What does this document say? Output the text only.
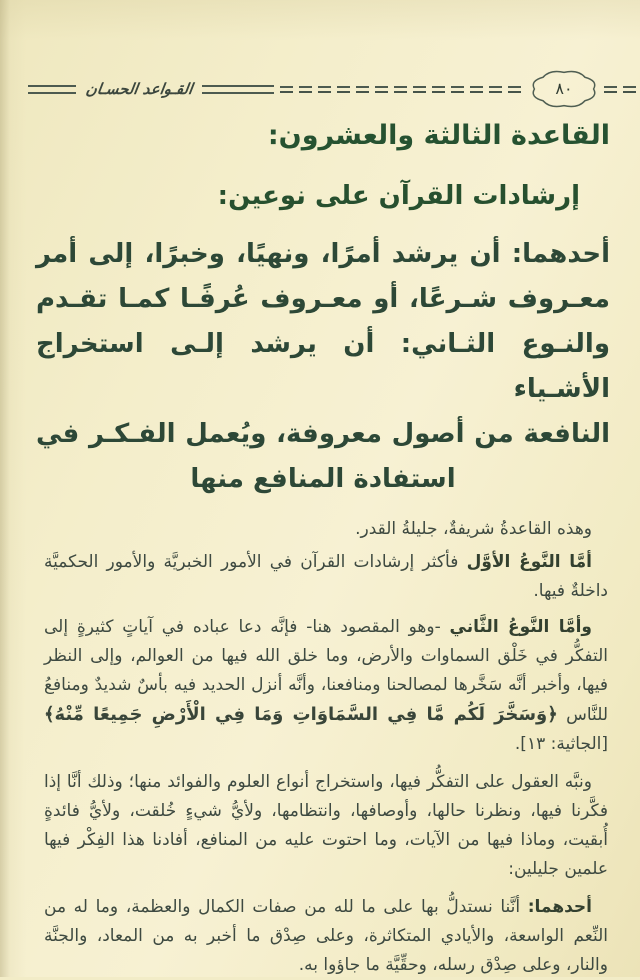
القـواعد الحسـان	٨٠
القاعدة الثالثة والعشرون:
إرشادات القرآن على نوعين:
أحدهما: أن يرشد أمرًا، ونهيًا، وخبرًا، إلى أمر
معـروف شـرعًا، أو معـروف عُرفًـا كمـا تقـدم
والنـوع الثـاني: أن يرشد إلـى استخراج الأشـياء
النافعة من أصول معروفة، ويُعمل الفـكـر في
استفادة المنافع منها

وهذه القاعدةُ شريفةٌ، جليلةُ القدر.

أمَّا النَّوعُ الأوَّل فأكثر إرشادات القرآن في الأمور الخبريَّة والأمور الحكميَّة داخلةٌ فيها.

وأمَّا النَّوعُ الثَّاني -وهو المقصود هنا- فإنَّه دعا عباده في آياتٍ كثيرةٍ إلى التفكُّر في خَلْق السماوات والأرض، وما خلق الله فيها من العوالم، وإلى النظر فيها، وأخبر أنَّه سَخَّرها لمصالحنا ومنافعنا، وأنَّه أنزل الحديد فيه بأسٌ شديدٌ ومنافعُ للنَّاس ﴿وَسَخَّرَ لَكُم مَّا فِي السَّمَاوَاتِ وَمَا فِي الْأَرْضِ جَمِيعًا مِّنْهُ﴾ [الجاثية: ١٣].

ونبَّه العقول على التفكُّر فيها، واستخراج أنواع العلوم والفوائد منها؛ وذلك أنَّا إذا فكَّرنا فيها، ونظرنا حالها، وأوصافها، وانتظامها، ولأيُّ شيءٍ خُلقت، ولأيُّ فائدةٍ أُبقيت، وماذا فيها من الآيات، وما احتوت عليه من المنافع، أفادنا هذا الفِكْر فيها علمين جليلين:

أحدهما: أنَّنا نستدلُّ بها على ما لله من صفات الكمال والعظمة، وما له من النِّعم الواسعة، والأيادي المتكاثرة، وعلى صِدْق ما أخبر به من المعاد، والجنَّة والنار، وعلى صِدْق رسله، وحقِّيَّة ما جاؤوا به.
